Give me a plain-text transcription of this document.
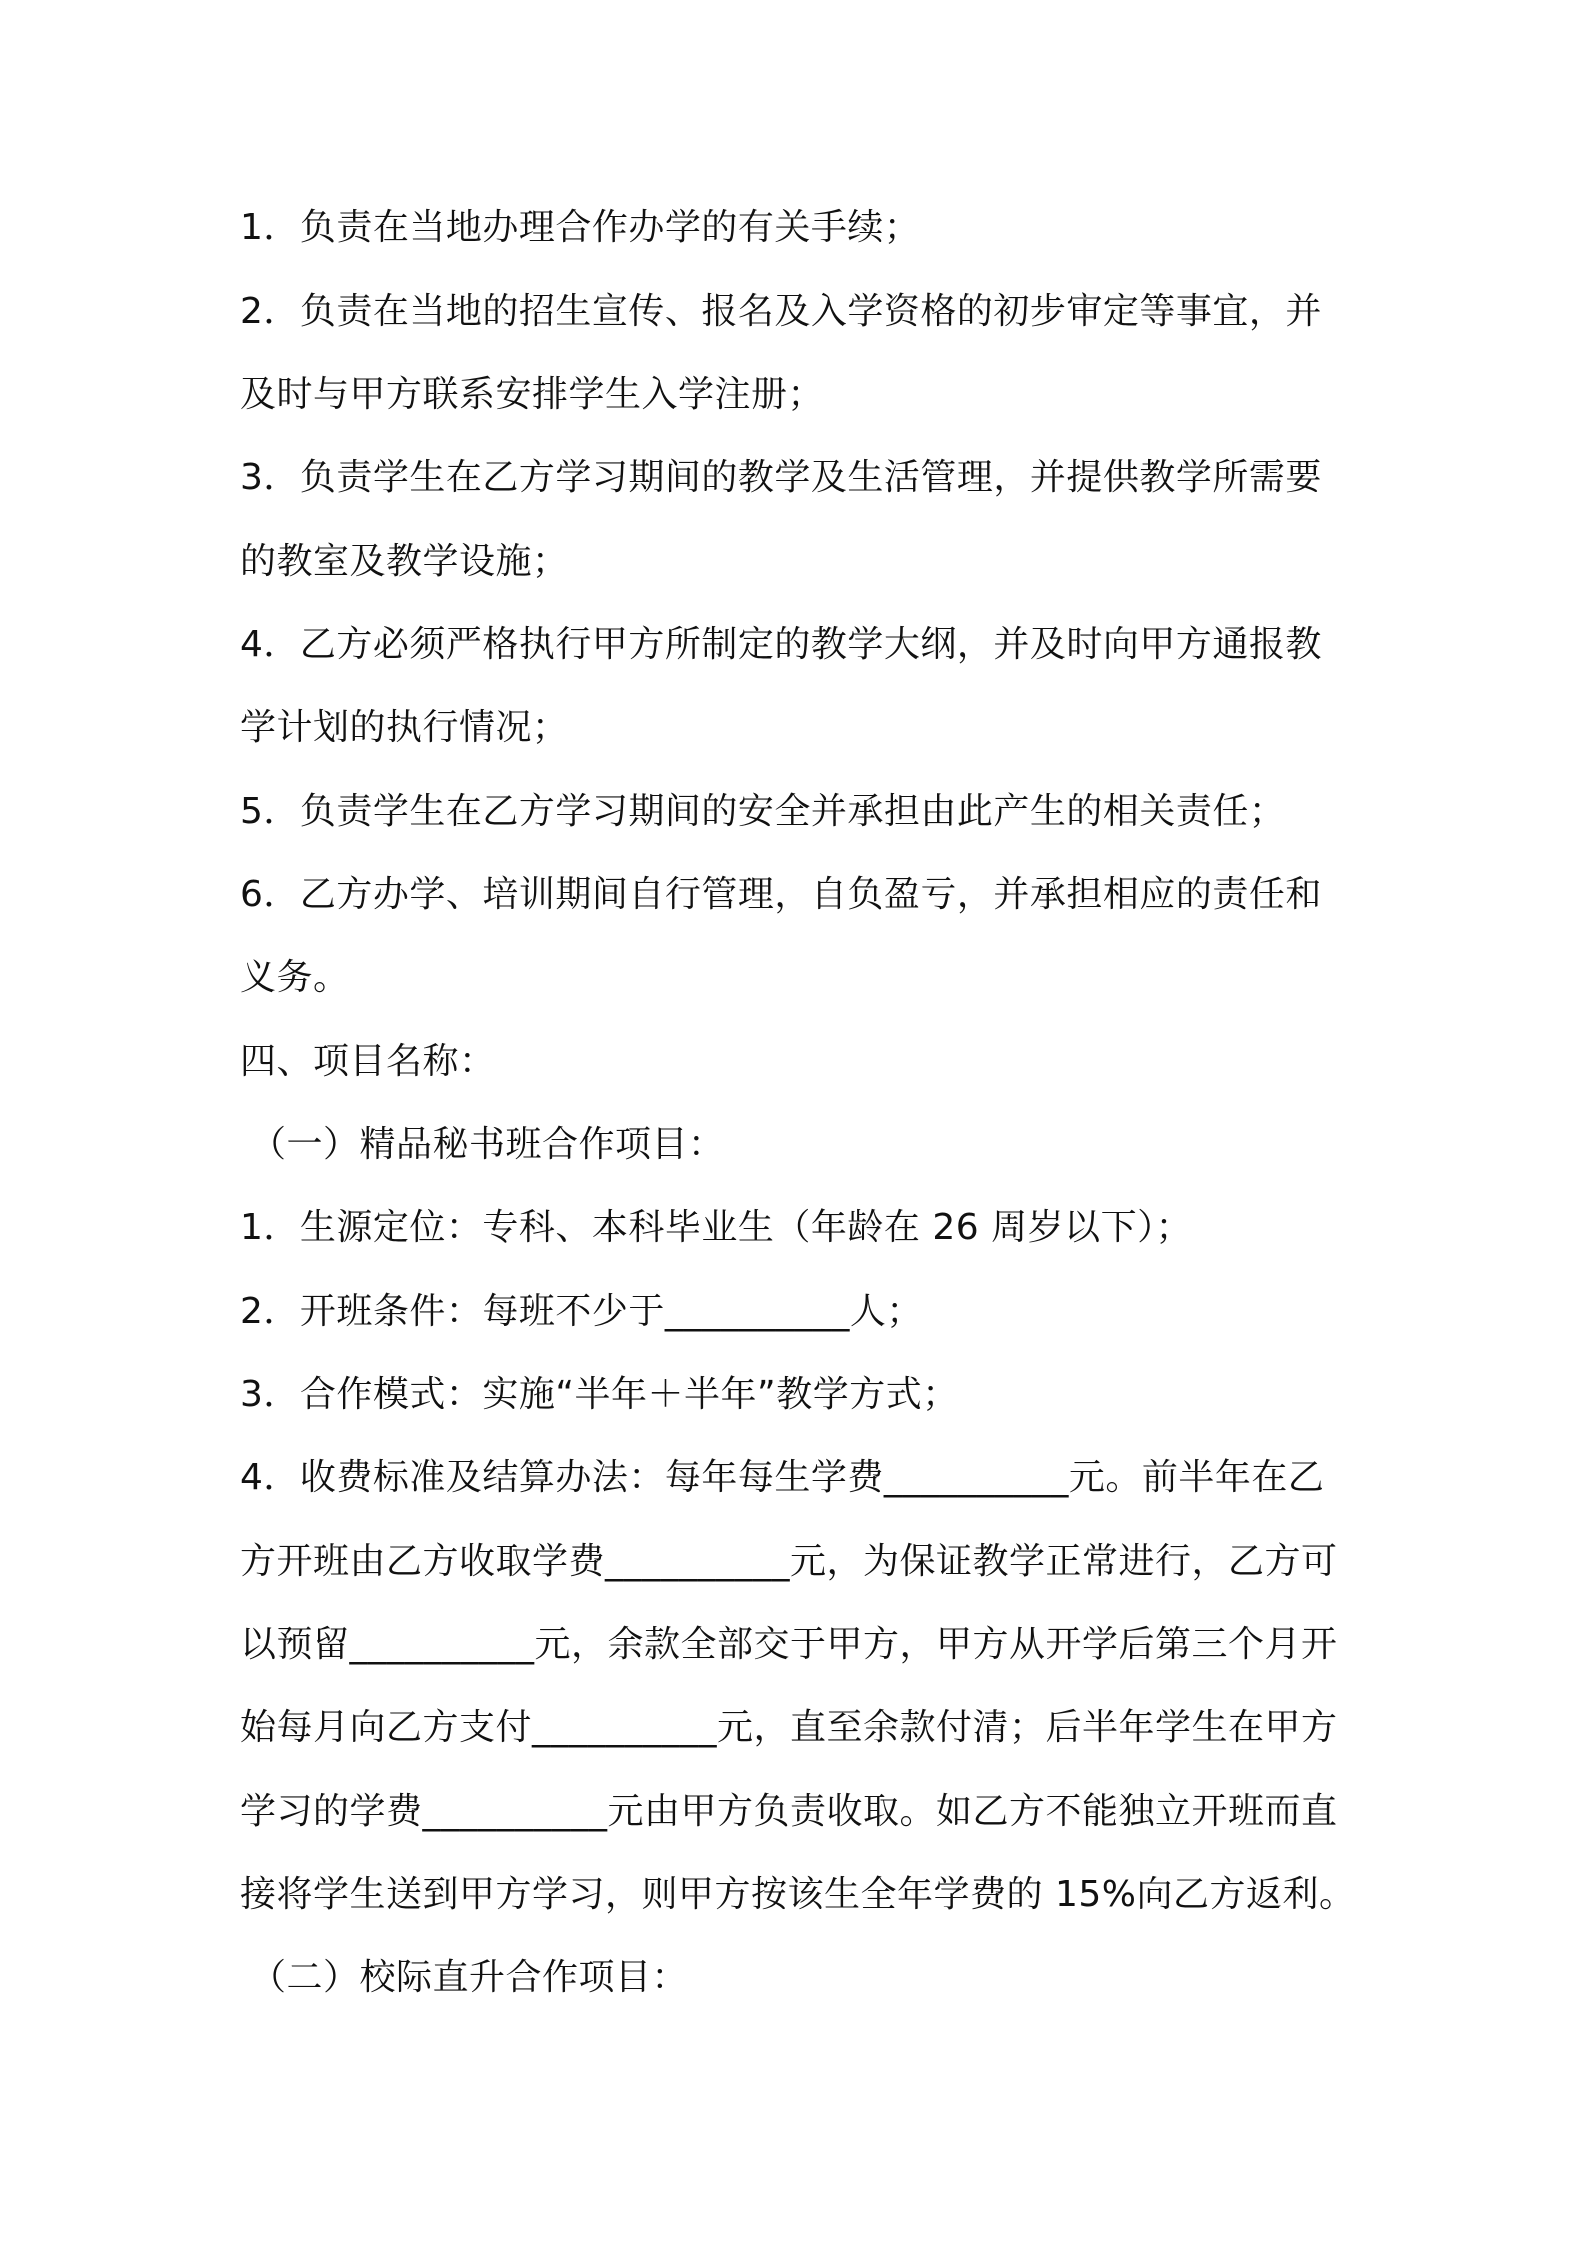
1．负责在当地办理合作办学的有关手续；
2．负责在当地的招生宣传、报名及入学资格的初步审定等事宜，并
及时与甲方联系安排学生入学注册；
3．负责学生在乙方学习期间的教学及生活管理，并提供教学所需要
的教室及教学设施；
4．乙方必须严格执行甲方所制定的教学大纲，并及时向甲方通报教
学计划的执行情况；
5．负责学生在乙方学习期间的安全并承担由此产生的相关责任；
6．乙方办学、培训期间自行管理，自负盈亏，并承担相应的责任和
义务。
四、项目名称：
（一）精品秘书班合作项目：
1．生源定位：专科、本科毕业生（年龄在 26 周岁以下）；
2．开班条件：每班不少于__________人；
3．合作模式：实施“半年＋半年”教学方式；
4．收费标准及结算办法：每年每生学费__________元。前半年在乙
方开班由乙方收取学费__________元，为保证教学正常进行，乙方可
以预留__________元，余款全部交于甲方，甲方从开学后第三个月开
始每月向乙方支付__________元，直至余款付清；后半年学生在甲方
学习的学费__________元由甲方负责收取。如乙方不能独立开班而直
接将学生送到甲方学习，则甲方按该生全年学费的 15%向乙方返利。
（二）校际直升合作项目：
